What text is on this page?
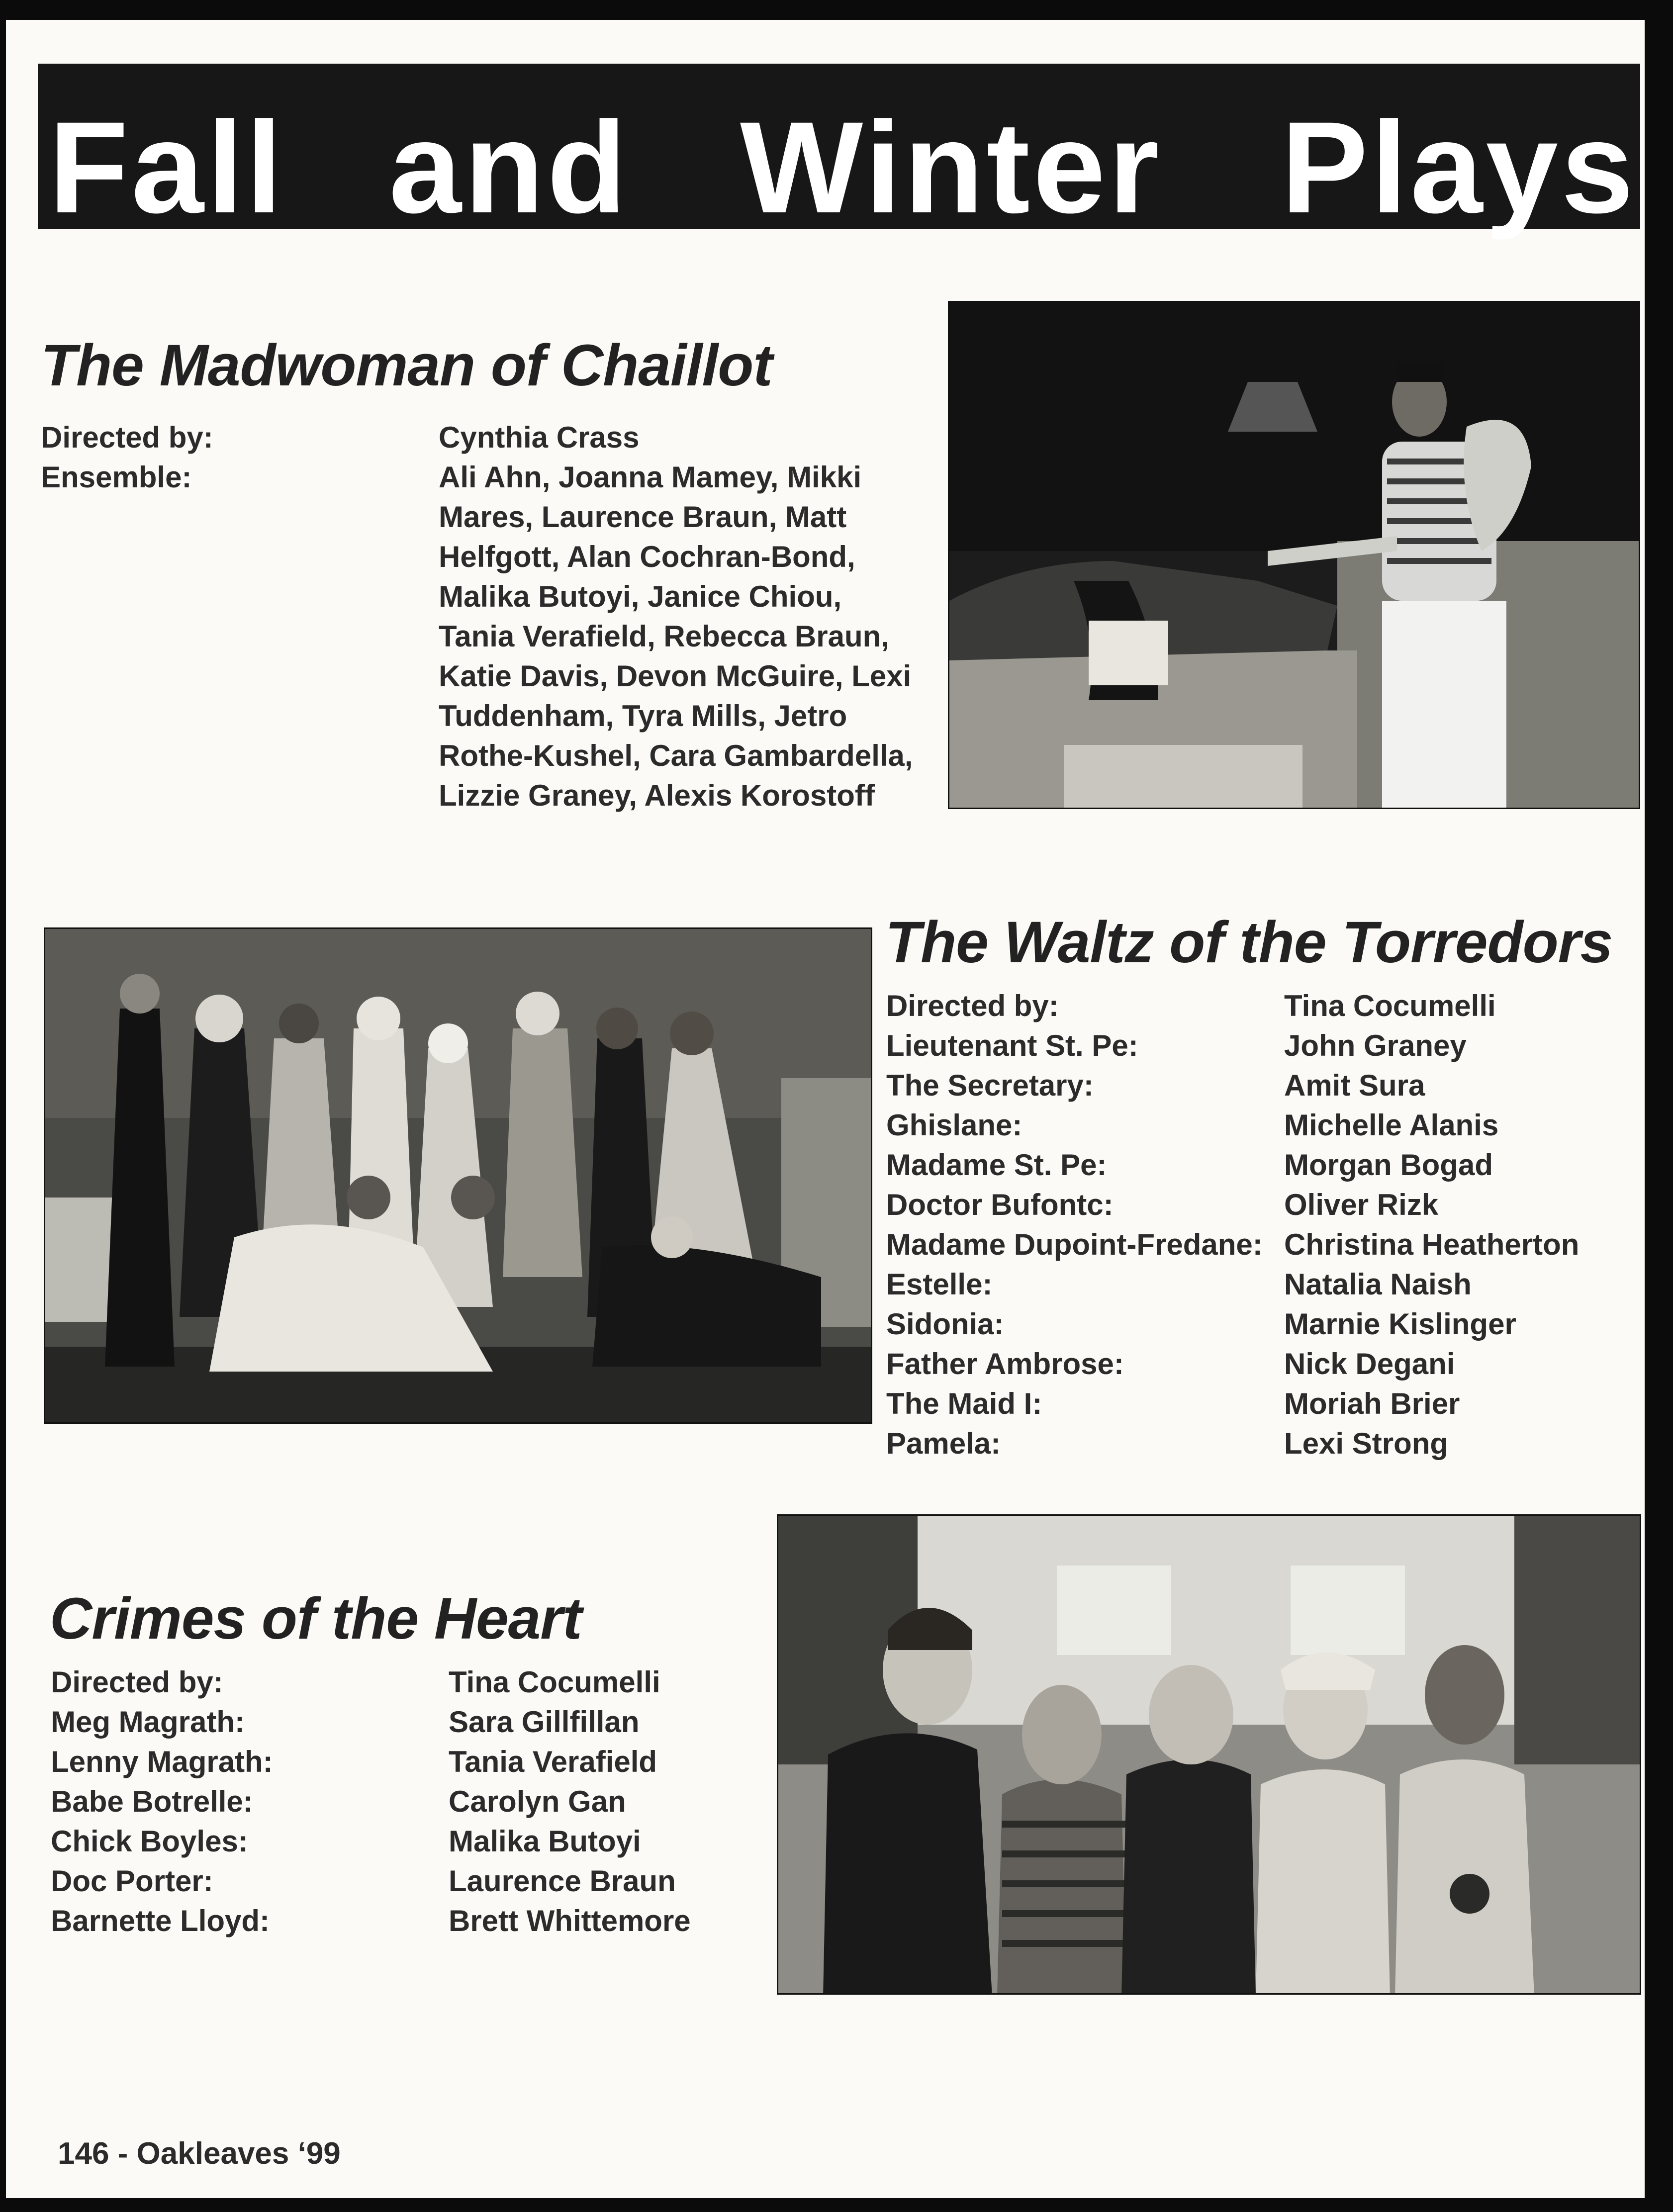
Fall and Winter Plays
The Madwoman of Chaillot
Directed by:	Cynthia Crass
Ensemble:	Ali Ahn, Joanna Mamey, Mikki
Mares, Laurence Braun, Matt
Helfgott, Alan Cochran-Bond,
Malika Butoyi, Janice Chiou,
Tania Verafield, Rebecca Braun,
Katie Davis, Devon McGuire, Lexi
Tuddenham, Tyra Mills, Jetro
Rothe-Kushel, Cara Gambardella,
Lizzie Graney, Alexis Korostoff
The Waltz of the Torredors
Directed by:	Tina Cocumelli
Lieutenant St. Pe:	John Graney
The Secretary:	Amit Sura
Ghislane:	Michelle Alanis
Madame St. Pe:	Morgan Bogad
Doctor Bufontc:	Oliver Rizk
Madame Dupoint-Fredane: Christina Heatherton
Estelle:	Natalia Naish
Sidonia:	Marnie Kislinger
Father Ambrose:	Nick Degani
The Maid I:	Moriah Brier
Pamela:	Lexi Strong
Crimes of the Heart
Directed by:	Tina Cocumelli
Meg Magrath:	Sara Gillfillan
Lenny Magrath:	Tania Verafield
Babe Botrelle:	Carolyn Gan
Chick Boyles:	Malika Butoyi
Doc Porter:	Laurence Braun
Barnette Lloyd:	Brett Whittemore
146 - Oakleaves ‘99
